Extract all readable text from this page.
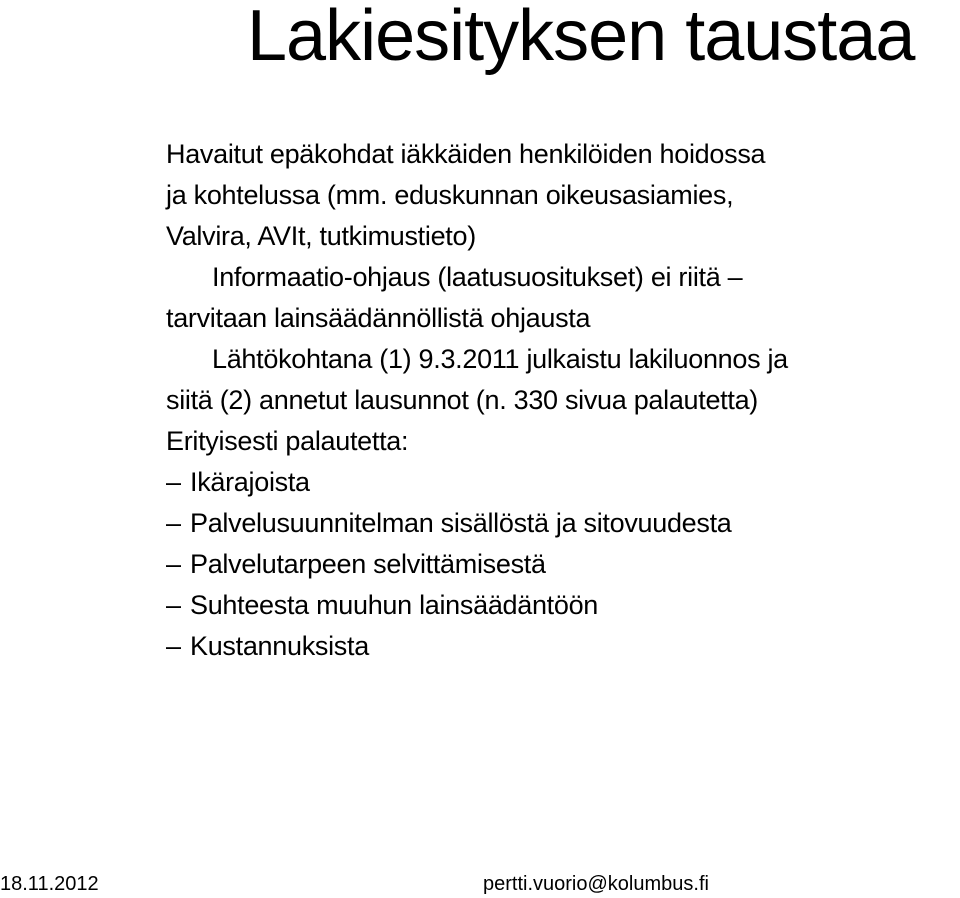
Lakiesityksen taustaa
Havaitut epäkohdat iäkkäiden henkilöiden hoidossa
ja kohtelussa (mm. eduskunnan oikeusasiamies,
Valvira, AVIt, tutkimustieto)
Informaatio-ohjaus (laatusuositukset) ei riitä –
tarvitaan lainsäädännöllistä ohjausta
Lähtökohtana (1) 9.3.2011 julkaistu lakiluonnos ja
siitä (2) annetut lausunnot (n. 330 sivua palautetta)
Erityisesti palautetta:
– Ikärajoista
– Palvelusuunnitelman sisällöstä ja sitovuudesta
– Palvelutarpeen selvittämisestä
– Suhteesta muuhun lainsäädäntöön
– Kustannuksista
18.11.2012	pertti.vuorio@kolumbus.fi
